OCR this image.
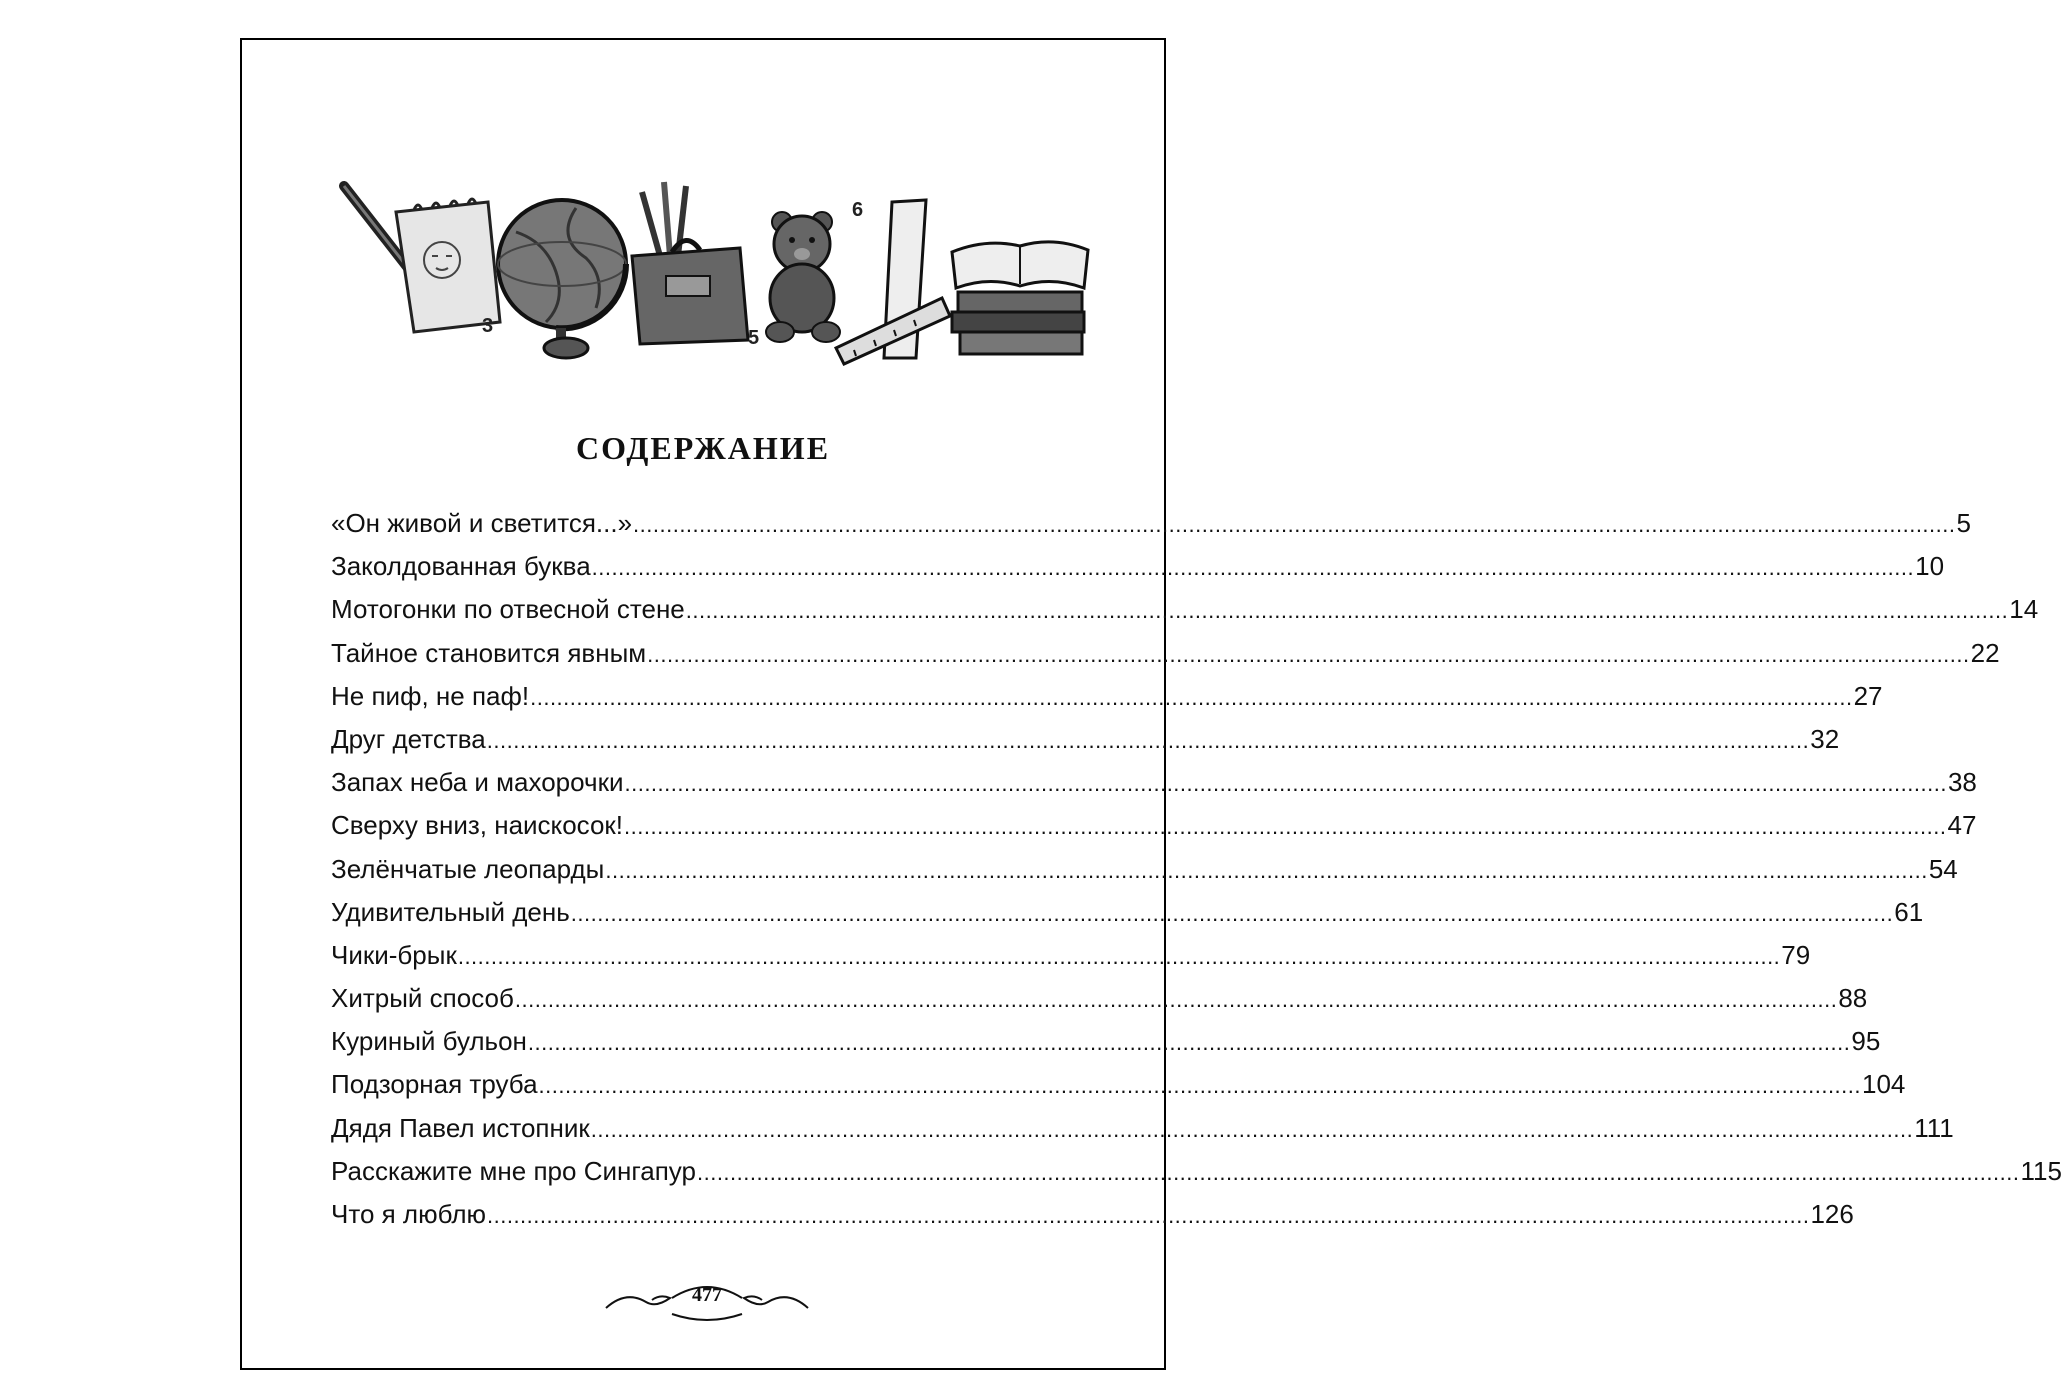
3
5
6
СОДЕРЖАНИЕ
«Он живой и светится...» ........................................................................................................................................................................................................ 5
Заколдованная буква ........................................................................................................................................................................................................ 10
Мотогонки по отвесной стене ........................................................................................................................................................................................................ 14
Тайное становится явным ........................................................................................................................................................................................................ 22
Не пиф, не паф! ........................................................................................................................................................................................................ 27
Друг детства ........................................................................................................................................................................................................ 32
Запах неба и махорочки ........................................................................................................................................................................................................ 38
Сверху вниз, наискосок! ........................................................................................................................................................................................................ 47
Зелёнчатые леопарды ........................................................................................................................................................................................................ 54
Удивительный день ........................................................................................................................................................................................................ 61
Чики-брык ........................................................................................................................................................................................................ 79
Хитрый способ ........................................................................................................................................................................................................ 88
Куриный бульон ........................................................................................................................................................................................................ 95
Подзорная труба ........................................................................................................................................................................................................ 104
Дядя Павел истопник ........................................................................................................................................................................................................ 111
Расскажите мне про Сингапур ........................................................................................................................................................................................................ 115
Что я люблю ........................................................................................................................................................................................................ 126
477
